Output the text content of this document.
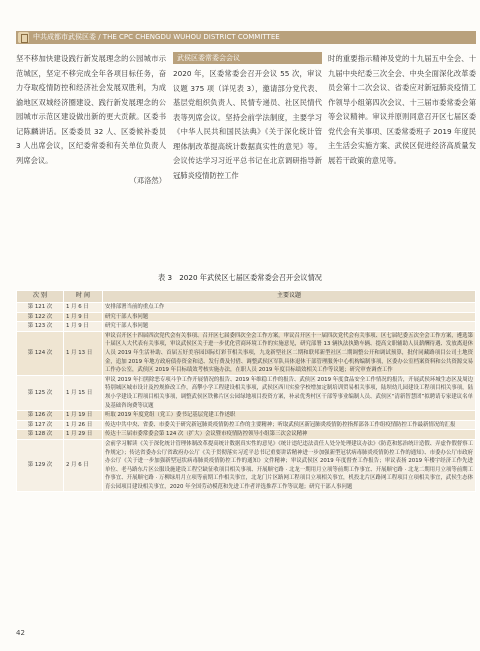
中共成都市武侯区委 / THE CPC CHENGDU WUHOU DISTRICT COMMITTEE

坚不移加快建设践行新发展理念的公园城市示范城区，坚定不移完成全年各项目标任务，奋力夺取疫情防控和经济社会发展双胜利，为成渝地区双城经济圈建设、践行新发展理念的公园城市示范区建设做出新的更大贡献。区委书记陈麟讲话。区委委员 32 人、区委候补委员 3 人出席会议，区纪委常委和有关单位负责人列席会议。

（邓洛然）

武侯区委常委会会议

2020 年，区委常委会召开会议 55 次，审议议题 375 项（详见表 3），邀请部分党代表、基层党组织负责人、民情专递员、社区民情代表等列席会议。坚持会前学法制度，主要学习《中华人民共和国民法典》《关于深化统计管理体制改革提高统计数据真实性的意见》等。会议传达学习习近平总书记在北京调研指导新冠肺炎疫情防控工作

时的重要指示精神及党的十九届五中全会、十九届中央纪委三次全会、中央全面深化改革委员会第十二次会议、省委应对新冠肺炎疫情工作领导小组第四次会议、十三届市委常委会第等会议精神。审议并原则同意召开区七届区委党代会有关事项、区委常委班子 2019 年度民主生活会实施方案、武侯区促进经济高质量发展若干政策的意见等。

表 3　2020 年武侯区七届区委常委会召开会议情况
次 别	时 间	主要议题
第 121 次	1 月 6 日	安排部署当前的重点工作
第 122 次	1 月 9 日	研究干部人事问题
第 123 次	1 月 9 日	研究干部人事问题
第 124 次	1 月 13 日	审议召开区十四届四次党代会有关事项、召开区七届委四次全会工作方案，审议召开区十一届四次党代会有关事项、区七届纪委五次全会工作方案，遴选第十届区人大代表有关事项，审议武侯区关于进一步优化营商环境工作的实施意见，研究部署 13 辆执法执勤车辆、提高文职辅助人员薪酬待遇、发放离退休人员 2019 年生活补助、首届五好美容园国际灯彩节相关事项，九龙新型社区二期和联邦新型社区二期调整公开和调试预算，批付同藏路项目公司土地资金，追加 2019 年地方政府债券资金和适、发行费及付借、调整武侯区军队具体退休干部管理服务中心机构编制事项，区委办公室档案资料和公共资源交易工作办公室，武侯区 2019 年目标绩效考核实施办法，在职人员 2019 年度目标绩效相关工作等议题；研究审查调查工作
第 125 次	1 月 15 日	审议 2019 年扫黑除恶专项斗争工作开展情况的报告、2019 年维稳工作的报告、武侯区 2019 年度食品安全工作情况的报告，开展武侯环城生态区及周边特别城区城市设计及控规修改工作，高攀小学工程建设相关事项，武侯区西川实验学校增加定制培训贸易相关事项，陆坝幼儿园建设工程项目相关事项，陆坝小学建设工程项目相关事项，调整武侯区铁佛片区公园绿地项目投资方案，补录优秀村区干部等事业编制人员、武侯区“清新智慧团”拟聘请专家建议名单及基础咨询费等议题
第 126 次	1 月 19 日	听取 2019 年度党组（党工）委书记基层党建工作述职
第 127 次	1 月 26 日	传达中共中央、省委、市委关于研究新冠肺炎疫情防控工作的主要精神；听取武侯区新冠肺炎疫情防控指挥部各工作组疫情防控工作最新情况的汇报
第 128 次	1 月 29 日	传达十三届市委常委会第 124 次（扩大）会议暨市疫情防控领导小组第三次会议精神
第 129 次	2 月 6 日	会前学习解读《关于深化统计管理体制改革提高统计数据真实性的意见》《统计违纪违法责任人处分处理建议办法》《防范和惩治统计造假、弄虚作假督察工作规定》；传达省委办公厅省政府办公厅《关于贯彻落实习近平总书记重要讲话精神进一步加强新型冠状病毒肺炎疫情防控工作的通知》、市委办公厅市政府办公厅《关于进一步加强新型冠状病毒肺炎疫情防控工作的通知》文件精神；审议武侯区 2019 年度督查工作报告；审议表扬 2019 年楼宇经济工作先进单位、老马路东片区公服设施建设工程空缺征收项目相关事项、开展顺宅路 · 北龙一期用月立项等前期工作事宜、开展顺宅路 · 北龙二期用月立项等前期工作事宜、开展顺宅路 · 万柳绿用月立项等前期工作相关事宜，北龙门片区路网工程项目立项相关事宜，机投北片区路网工程项目立项相关事宜，武侯生态体育公园项目建设相关事宜，2020 年全国劳动模范和先进工作者评选推荐工作等议题；研究干部人事问题
42
